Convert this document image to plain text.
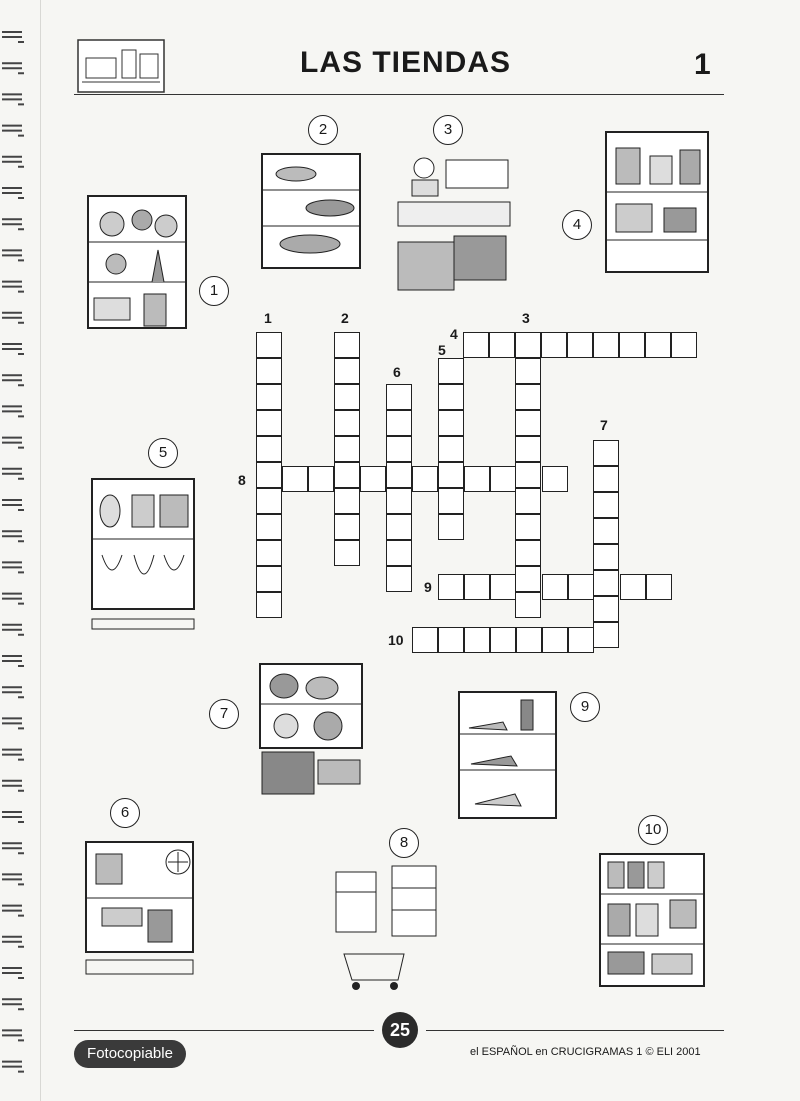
LAS TIENDAS	1
1
2	3
4
5
6
7
8
9
10
1	2	3
4
5
6
7
8
9
10
25
Fotocopiable	el ESPAÑOL en CRUCIGRAMAS 1 © ELI 2001
